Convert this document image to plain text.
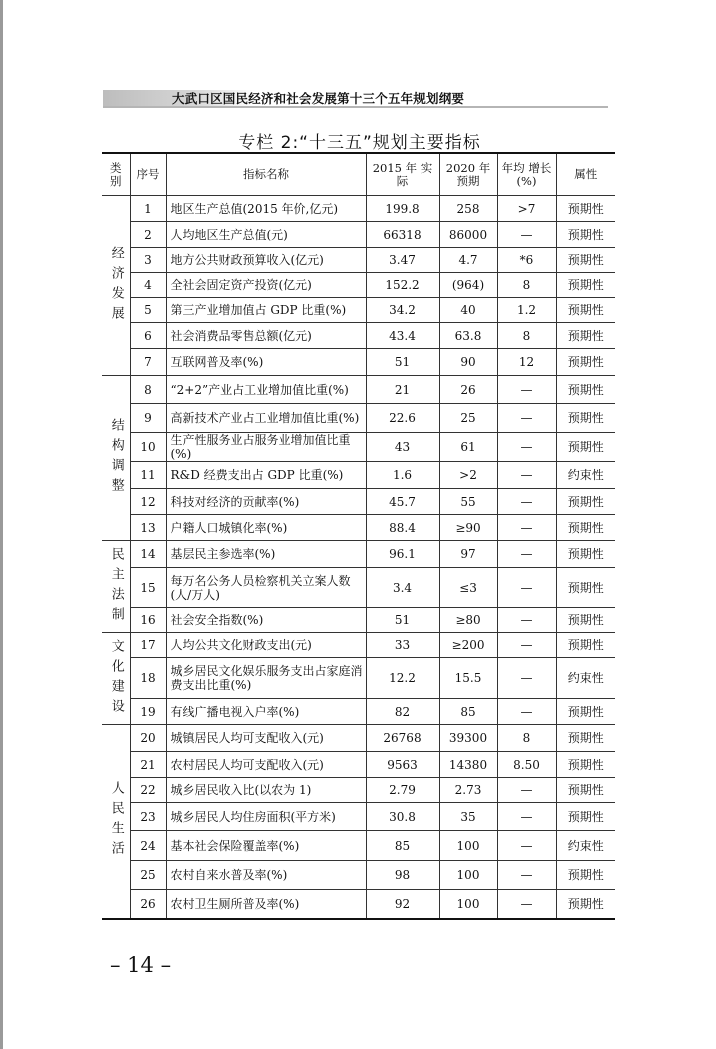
大武口区国民经济和社会发展第十三个五年规划纲要
专栏 2:“十三五”规划主要指标
类 别	序号	指标名称	2015 年 实际	2020 年 预期	年均 增长(%)	属性
经济发展	1	地区生产总值(2015 年价,亿元)	199.8	258	>7	预期性
	2	人均地区生产总值(元)	66318	86000	—	预期性
	3	地方公共财政预算收入(亿元)	3.47	4.7	*6	预期性
	4	全社会固定资产投资(亿元)	152.2	(964)	8	预期性
	5	第三产业增加值占 GDP 比重(%)	34.2	40	1.2	预期性
	6	社会消费品零售总额(亿元)	43.4	63.8	8	预期性
	7	互联网普及率(%)	51	90	12	预期性
结构调整	8	“2+2”产业占工业增加值比重(%)	21	26	—	预期性
	9	高新技术产业占工业增加值比重(%)	22.6	25	—	预期性
	10	生产性服务业占服务业增加值比重(%)	43	61	—	预期性
	11	R&D 经费支出占 GDP 比重(%)	1.6	>2	—	约束性
	12	科技对经济的贡献率(%)	45.7	55	—	预期性
	13	户籍人口城镇化率(%)	88.4	≥90	—	预期性
民主法制	14	基层民主参选率(%)	96.1	97	—	预期性
	15	每万名公务人员检察机关立案人数(人/万人)	3.4	≤3	—	预期性
	16	社会安全指数(%)	51	≥80	—	预期性
文化建设	17	人均公共文化财政支出(元)	33	≥200	—	预期性
	18	城乡居民文化娱乐服务支出占家庭消费支出比重(%)	12.2	15.5	—	约束性
	19	有线广播电视入户率(%)	82	85	—	预期性
人民生活	20	城镇居民人均可支配收入(元)	26768	39300	8	预期性
	21	农村居民人均可支配收入(元)	9563	14380	8.50	预期性
	22	城乡居民收入比(以农为 1)	2.79	2.73	—	预期性
	23	城乡居民人均住房面积(平方米)	30.8	35	—	预期性
	24	基本社会保险覆盖率(%)	85	100	—	约束性
	25	农村自来水普及率(%)	98	100	—	预期性
	26	农村卫生厕所普及率(%)	92	100	—	预期性
– 14 –
